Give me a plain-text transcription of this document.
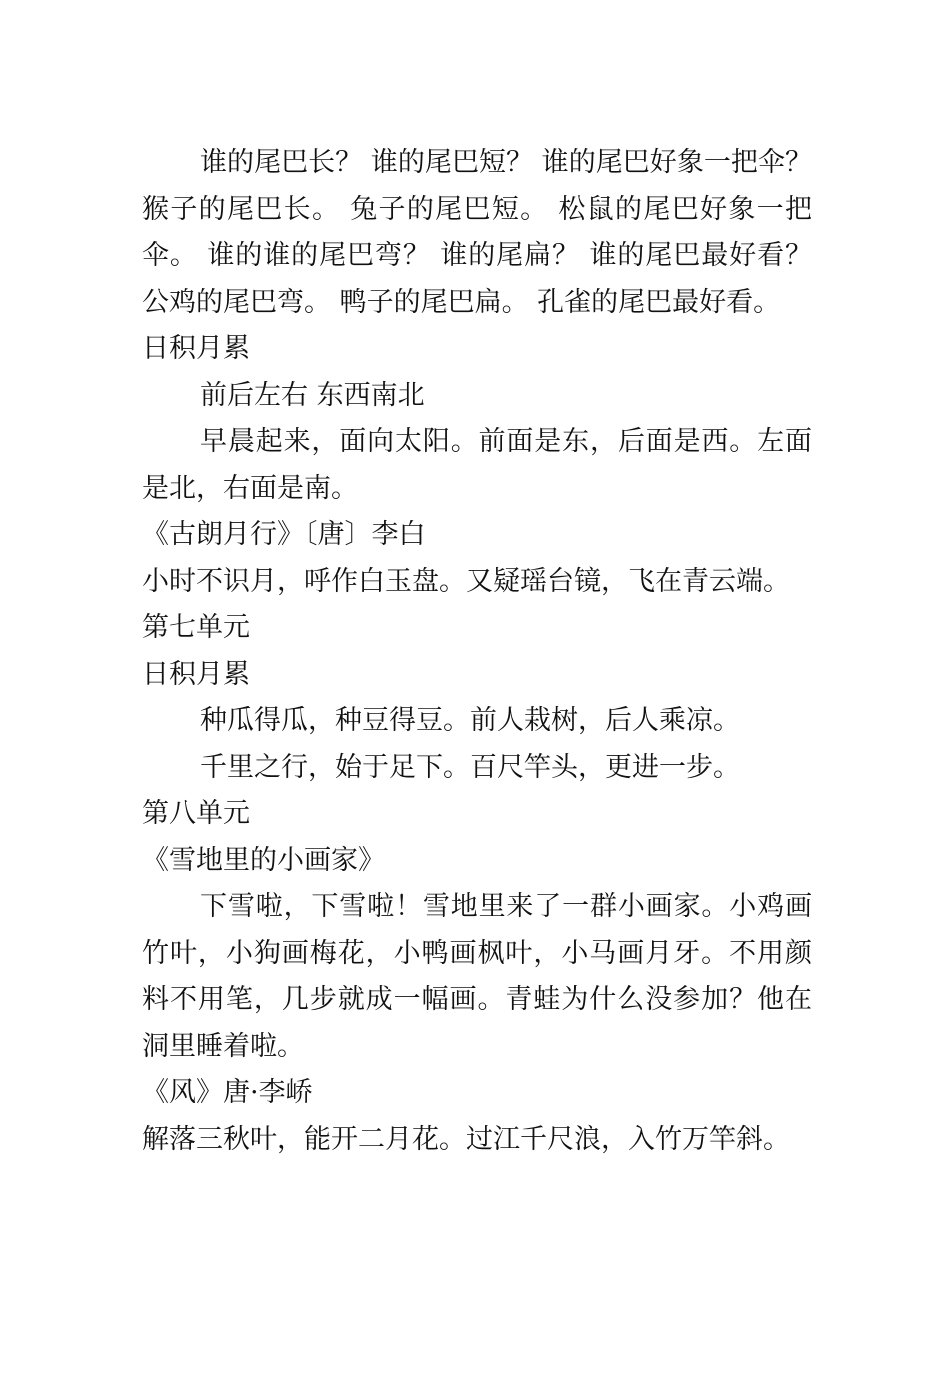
谁的尾巴长？ 谁的尾巴短？ 谁的尾巴好象一把伞？ 猴子的尾巴长。 兔子的尾巴短。 松鼠的尾巴好象一把伞。 谁的谁的尾巴弯？ 谁的尾扁？ 谁的尾巴最好看？ 公鸡的尾巴弯。 鸭子的尾巴扁。 孔雀的尾巴最好看。

日积月累

前后左右 东西南北

早晨起来，面向太阳。前面是东，后面是西。左面是北，右面是南。

《古朗月行》〔唐〕李白

小时不识月，呼作白玉盘。又疑瑶台镜，飞在青云端。

第七单元

日积月累

种瓜得瓜，种豆得豆。前人栽树，后人乘凉。

千里之行，始于足下。百尺竿头，更进一步。

第八单元

《雪地里的小画家》

下雪啦，下雪啦！雪地里来了一群小画家。小鸡画竹叶，小狗画梅花，小鸭画枫叶，小马画月牙。不用颜料不用笔，几步就成一幅画。青蛙为什么没参加？他在洞里睡着啦。

《风》唐·李峤

解落三秋叶，能开二月花。过江千尺浪，入竹万竿斜。
